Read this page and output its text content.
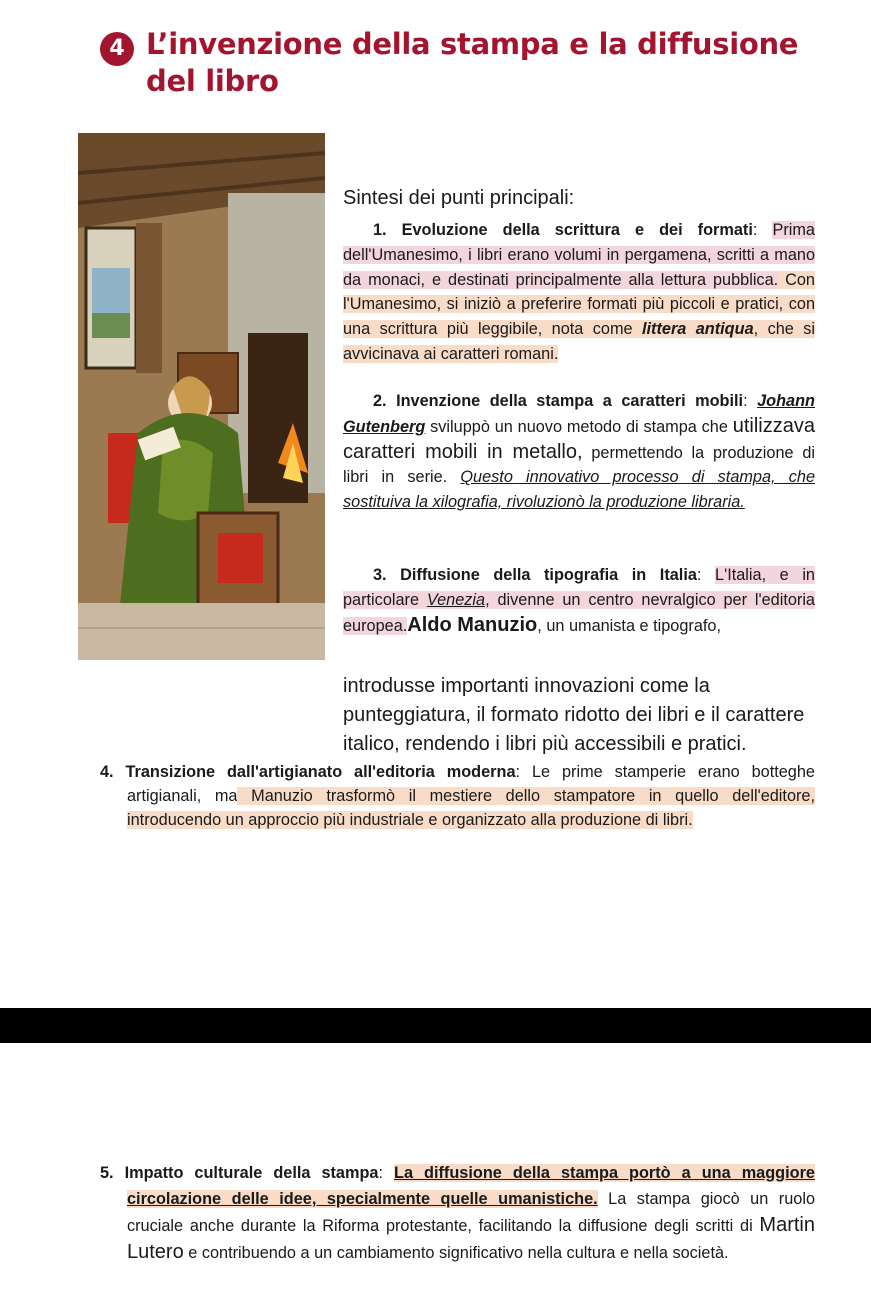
4 L’invenzione della stampa e la diffusione del libro
Sintesi dei punti principali:

1. Evoluzione della scrittura e dei formati: Prima dell'Umanesimo, i libri erano volumi in pergamena, scritti a mano da monaci, e destinati principalmente alla lettura pubblica. Con l'Umanesimo, si iniziò a preferire formati più piccoli e pratici, con una scrittura più leggibile, nota come littera antiqua, che si avvicinava ai caratteri romani.

2. Invenzione della stampa a caratteri mobili: Johann Gutenberg sviluppò un nuovo metodo di stampa che utilizzava caratteri mobili in metallo, permettendo la produzione di libri in serie. Questo innovativo processo di stampa, che sostituiva la xilografia, rivoluzionò la produzione libraria.

3. Diffusione della tipografia in Italia: L'Italia, e in particolare Venezia, divenne un centro nevralgico per l'editoria europea.Aldo Manuzio, un umanista e tipografo,

introdusse importanti innovazioni come la punteggiatura, il formato ridotto dei libri e il carattere italico, rendendo i libri più accessibili e pratici.

4. Transizione dall'artigianato all'editoria moderna: Le prime stamperie erano botteghe artigianali, ma Manuzio trasformò il mestiere dello stampatore in quello dell'editore, introducendo un approccio più industriale e organizzato alla produzione di libri.

5. Impatto culturale della stampa: La diffusione della stampa portò a una maggiore circolazione delle idee, specialmente quelle umanistiche. La stampa giocò un ruolo cruciale anche durante la Riforma protestante, facilitando la diffusione degli scritti di Martin Lutero e contribuendo a un cambiamento significativo nella cultura e nella società.
